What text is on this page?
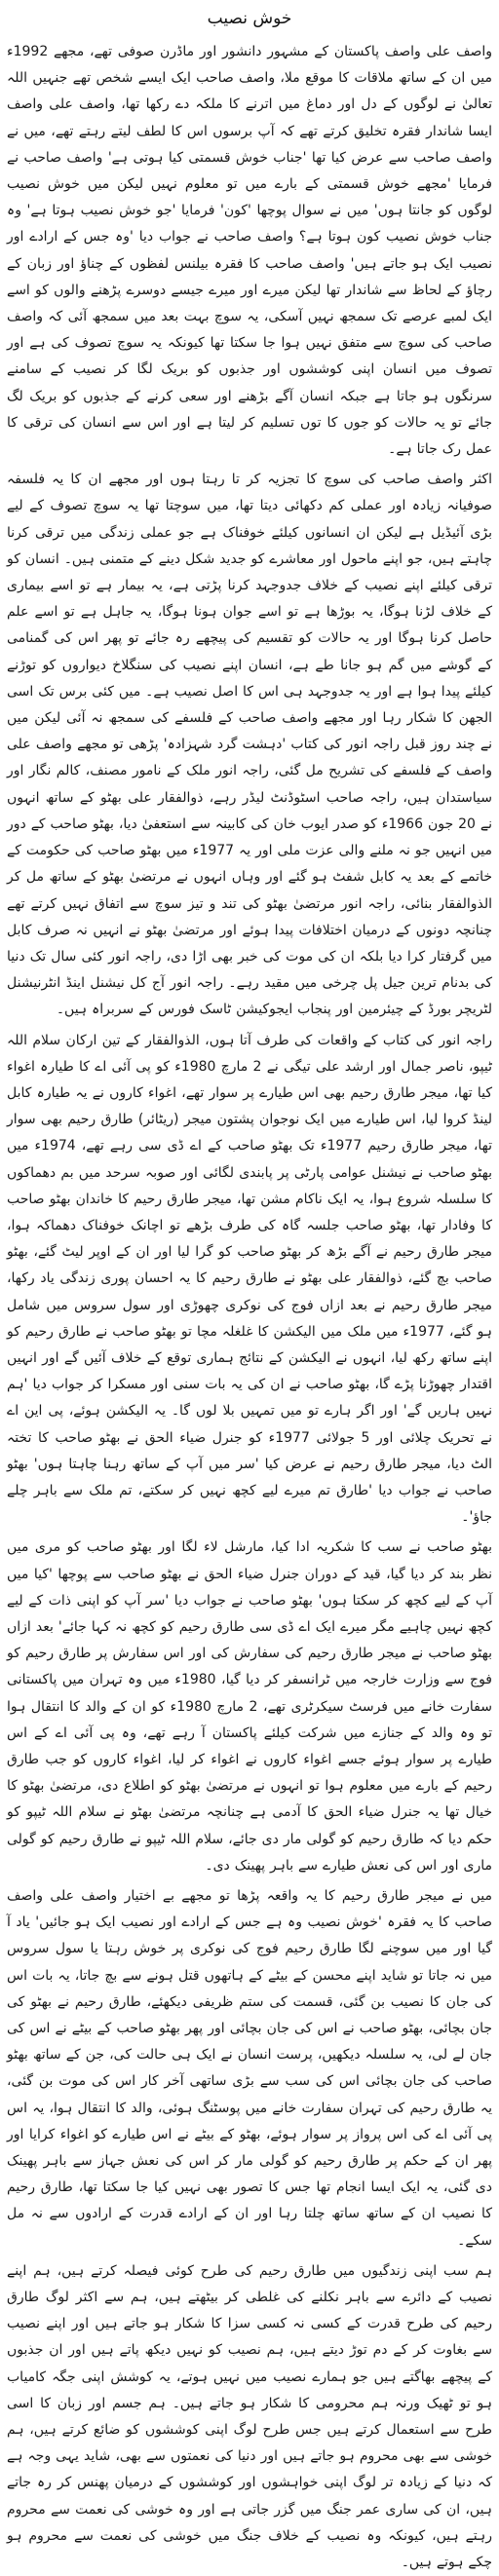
خوش نصیب

واصف علی واصف پاکستان کے مشہور دانشور اور ماڈرن صوفی تھے، مجھے 1992ء میں ان کے ساتھ ملاقات کا موقع ملا، واصف صاحب ایک ایسے شخص تھے جنہیں اللہ تعالیٰ نے لوگوں کے دل اور دماغ میں اترنے کا ملکہ دے رکھا تھا، واصف علی واصف ایسا شاندار فقرہ تخلیق کرتے تھے کہ آپ برسوں اس کا لطف لیتے رہتے تھے، میں نے واصف صاحب سے عرض کیا تھا 'جناب خوش قسمتی کیا ہوتی ہے' واصف صاحب نے فرمایا 'مجھے خوش قسمتی کے بارے میں تو معلوم نہیں لیکن میں خوش نصیب لوگوں کو جانتا ہوں' میں نے سوال پوچھا 'کون' فرمایا 'جو خوش نصیب ہوتا ہے' وہ جناب خوش نصیب کون ہوتا ہے؟ واصف صاحب نے جواب دیا 'وہ جس کے ارادے اور نصیب ایک ہو جاتے ہیں' واصف صاحب کا فقرہ بیلنس لفظوں کے چناؤ اور زبان کے رچاؤ کے لحاظ سے شاندار تھا لیکن میرے اور میرے جیسے دوسرے پڑھنے والوں کو اسے ایک لمبے عرصے تک سمجھ نہیں آسکی، یہ سوچ بہت بعد میں سمجھ آئی کہ واصف صاحب کی سوچ سے متفق نہیں ہوا جا سکتا تھا کیونکہ یہ سوچ تصوف کی ہے اور تصوف میں انسان اپنی کوششوں اور جذبوں کو بریک لگا کر نصیب کے سامنے سرنگوں ہو جاتا ہے جبکہ انسان آگے بڑھنے اور سعی کرنے کے جذبوں کو بریک لگ جائے تو یہ حالات کو جوں کا توں تسلیم کر لیتا ہے اور اس سے انسان کی ترقی کا عمل رک جاتا ہے۔

اکثر واصف صاحب کی سوچ کا تجزیہ کر تا رہتا ہوں اور مجھے ان کا یہ فلسفہ صوفیانہ زیادہ اور عملی کم دکھائی دیتا تھا، میں سوچتا تھا یہ سوچ تصوف کے لیے بڑی آئیڈیل ہے لیکن ان انسانوں کیلئے خوفناک ہے جو عملی زندگی میں ترقی کرنا چاہتے ہیں، جو اپنے ماحول اور معاشرے کو جدید شکل دینے کے متمنی ہیں۔ انسان کو ترقی کیلئے اپنے نصیب کے خلاف جدوجہد کرنا پڑتی ہے، یہ بیمار ہے تو اسے بیماری کے خلاف لڑنا ہوگا، یہ بوڑھا ہے تو اسے جوان ہونا ہوگا، یہ جاہل ہے تو اسے علم حاصل کرنا ہوگا اور یہ حالات کو تقسیم کی پیچھے رہ جائے تو پھر اس کی گمنامی کے گوشے میں گم ہو جانا طے ہے، انسان اپنے نصیب کی سنگلاخ دیواروں کو توڑنے کیلئے پیدا ہوا ہے اور یہ جدوجہد ہی اس کا اصل نصیب ہے۔ میں کئی برس تک اسی الجھن کا شکار رہا اور مجھے واصف صاحب کے فلسفے کی سمجھ نہ آئی لیکن میں نے چند روز قبل راجہ انور کی کتاب 'دہشت گرد شہزادہ' پڑھی تو مجھے واصف علی واصف کے فلسفے کی تشریح مل گئی، راجہ انور ملک کے نامور مصنف، کالم نگار اور سیاستدان ہیں، راجہ صاحب اسٹوڈنٹ لیڈر رہے، ذوالفقار علی بھٹو کے ساتھ انہوں نے 20 جون 1966ء کو صدر ایوب خان کی کابینہ سے استعفیٰ دیا، بھٹو صاحب کے دور میں انہیں جو نہ ملنے والی عزت ملی اور یہ 1977ء میں بھٹو صاحب کی حکومت کے خاتمے کے بعد یہ کابل شفٹ ہو گئے اور وہاں انہوں نے مرتضیٰ بھٹو کے ساتھ مل کر الذوالفقار بنائی، راجہ انور مرتضیٰ بھٹو کی تند و تیز سوچ سے اتفاق نہیں کرتے تھے چنانچہ دونوں کے درمیان اختلافات پیدا ہوئے اور مرتضیٰ بھٹو نے انہیں نہ صرف کابل میں گرفتار کرا دیا بلکہ ان کی موت کی خبر بھی اڑا دی، راجہ انور کئی سال تک دنیا کی بدنام ترین جیل پل چرخی میں مقید رہے۔ راجہ انور آج کل نیشنل اینڈ انٹرنیشنل لٹریچر بورڈ کے چیئرمین اور پنجاب ایجوکیشن ٹاسک فورس کے سربراہ ہیں۔

راجہ انور کی کتاب کے واقعات کی طرف آتا ہوں، الذوالفقار کے تین ارکان سلام اللہ ٹیپو، ناصر جمال اور ارشد علی تیگی نے 2 مارچ 1980ء کو پی آئی اے کا طیارہ اغواء کیا تھا، میجر طارق رحیم بھی اس طیارے پر سوار تھے، اغواء کاروں نے یہ طیارہ کابل لینڈ کروا لیا، اس طیارے میں ایک نوجوان پشتون میجر (ریٹائر) طارق رحیم بھی سوار تھا، میجر طارق رحیم 1977ء تک بھٹو صاحب کے اے ڈی سی رہے تھے، 1974ء میں بھٹو صاحب نے نیشنل عوامی پارٹی پر پابندی لگائی اور صوبہ سرحد میں بم دھماکوں کا سلسلہ شروع ہوا، یہ ایک ناکام مشن تھا، میجر طارق رحیم کا خاندان بھٹو صاحب کا وفادار تھا، بھٹو صاحب جلسہ گاہ کی طرف بڑھے تو اچانک خوفناک دھماکہ ہوا، میجر طارق رحیم نے آگے بڑھ کر بھٹو صاحب کو گرا لیا اور ان کے اوپر لیٹ گئے، بھٹو صاحب بچ گئے، ذوالفقار علی بھٹو نے طارق رحیم کا یہ احسان پوری زندگی یاد رکھا، میجر طارق رحیم نے بعد ازاں فوج کی نوکری چھوڑی اور سول سروس میں شامل ہو گئے، 1977ء میں ملک میں الیکشن کا غلغلہ مچا تو بھٹو صاحب نے طارق رحیم کو اپنے ساتھ رکھ لیا، انہوں نے الیکشن کے نتائج ہماری توقع کے خلاف آئیں گے اور انہیں اقتدار چھوڑنا پڑے گا، بھٹو صاحب نے ان کی یہ بات سنی اور مسکرا کر جواب دیا 'ہم نہیں ہاریں گے' اور اگر ہارے تو میں تمہیں بلا لوں گا۔ یہ الیکشن ہوئے، پی این اے نے تحریک چلائی اور 5 جولائی 1977ء کو جنرل ضیاء الحق نے بھٹو صاحب کا تختہ الٹ دیا، میجر طارق رحیم نے عرض کیا 'سر میں آپ کے ساتھ رہنا چاہتا ہوں' بھٹو صاحب نے جواب دیا 'طارق تم میرے لیے کچھ نہیں کر سکتے، تم ملک سے باہر چلے جاؤ'۔

بھٹو صاحب نے سب کا شکریہ ادا کیا، مارشل لاء لگا اور بھٹو صاحب کو مری میں نظر بند کر دیا گیا، قید کے دوران جنرل ضیاء الحق نے بھٹو صاحب سے پوچھا 'کیا میں آپ کے لیے کچھ کر سکتا ہوں' بھٹو صاحب نے جواب دیا 'سر آپ کو اپنی ذات کے لیے کچھ نہیں چاہیے مگر میرے ایک اے ڈی سی طارق رحیم کو کچھ نہ کہا جائے' بعد ازاں بھٹو صاحب نے میجر طارق رحیم کی سفارش کی اور اس سفارش پر طارق رحیم کو فوج سے وزارت خارجہ میں ٹرانسفر کر دیا گیا، 1980ء میں وہ تہران میں پاکستانی سفارت خانے میں فرسٹ سیکرٹری تھے، 2 مارچ 1980ء کو ان کے والد کا انتقال ہوا تو وہ والد کے جنازے میں شرکت کیلئے پاکستان آ رہے تھے، وہ پی آئی اے کے اس طیارے پر سوار ہوئے جسے اغواء کاروں نے اغواء کر لیا، اغواء کاروں کو جب طارق رحیم کے بارے میں معلوم ہوا تو انہوں نے مرتضیٰ بھٹو کو اطلاع دی، مرتضیٰ بھٹو کا خیال تھا یہ جنرل ضیاء الحق کا آدمی ہے چنانچہ مرتضیٰ بھٹو نے سلام اللہ ٹیپو کو حکم دیا کہ طارق رحیم کو گولی مار دی جائے، سلام اللہ ٹیپو نے طارق رحیم کو گولی ماری اور اس کی نعش طیارے سے باہر پھینک دی۔

میں نے میجر طارق رحیم کا یہ واقعہ پڑھا تو مجھے بے اختیار واصف علی واصف صاحب کا یہ فقرہ 'خوش نصیب وہ ہے جس کے ارادے اور نصیب ایک ہو جائیں' یاد آ گیا اور میں سوچنے لگا طارق رحیم فوج کی نوکری پر خوش رہتا یا سول سروس میں نہ جاتا تو شاید اپنے محسن کے بیٹے کے ہاتھوں قتل ہونے سے بچ جاتا، یہ بات اس کی جان کا نصیب بن گئی، قسمت کی ستم ظریفی دیکھئے، طارق رحیم نے بھٹو کی جان بچائی، بھٹو صاحب نے اس کی جان بچائی اور پھر بھٹو صاحب کے بیٹے نے اس کی جان لے لی، یہ سلسلہ دیکھیں، پرست انسان نے ایک ہی حالت کی، جن کے ساتھ بھٹو صاحب کی جان بچائی اس کی سب سے بڑی ساتھی آخر کار اس کی موت بن گئی، یہ طارق رحیم کی تہران سفارت خانے میں پوسٹنگ ہوئی، والد کا انتقال ہوا، یہ اس پی آئی اے کی اس پرواز پر سوار ہوئے، بھٹو کے بیٹے نے اس طیارے کو اغواء کرایا اور پھر ان کے حکم پر طارق رحیم کو گولی مار کر اس کی نعش جہاز سے باہر پھینک دی گئی، یہ ایک ایسا انجام تھا جس کا تصور بھی نہیں کیا جا سکتا تھا، طارق رحیم کا نصیب ان کے ساتھ ساتھ چلتا رہا اور ان کے ارادے قدرت کے ارادوں سے نہ مل سکے۔

ہم سب اپنی زندگیوں میں طارق رحیم کی طرح کوئی فیصلہ کرتے ہیں، ہم اپنے نصیب کے دائرے سے باہر نکلنے کی غلطی کر بیٹھتے ہیں، ہم سے اکثر لوگ طارق رحیم کی طرح قدرت کے کسی نہ کسی سزا کا شکار ہو جاتے ہیں اور اپنے نصیب سے بغاوت کر کے دم توڑ دیتے ہیں، ہم نصیب کو نہیں دیکھ پاتے ہیں اور ان جذبوں کے پیچھے بھاگتے ہیں جو ہمارے نصیب میں نہیں ہوتے، یہ کوشش اپنی جگہ کامیاب ہو تو ٹھیک ورنہ ہم محرومی کا شکار ہو جاتے ہیں۔ ہم جسم اور زبان کا اسی طرح سے استعمال کرتے ہیں جس طرح لوگ اپنی کوششوں کو ضائع کرتے ہیں، ہم خوشی سے بھی محروم ہو جاتے ہیں اور دنیا کی نعمتوں سے بھی، شاید یہی وجہ ہے کہ دنیا کے زیادہ تر لوگ اپنی خواہشوں اور کوششوں کے درمیان پھنس کر رہ جاتے ہیں، ان کی ساری عمر جنگ میں گزر جاتی ہے اور وہ خوشی کی نعمت سے محروم رہتے ہیں، کیونکہ وہ نصیب کے خلاف جنگ میں خوشی کی نعمت سے محروم ہو چکے ہوتے ہیں۔
